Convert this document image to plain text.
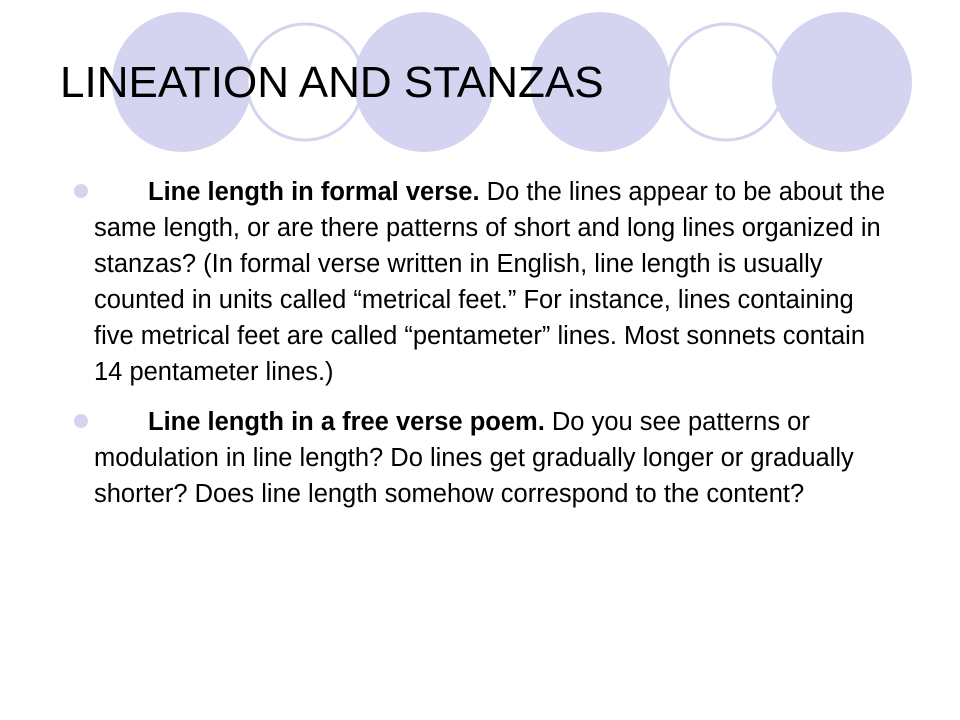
LINEATION AND STANZAS
Line length in formal verse. Do the lines appear to be about the same length, or are there patterns of short and long lines organized in stanzas? (In formal verse written in English, line length is usually counted in units called “metrical feet.” For instance, lines containing five metrical feet are called “pentameter” lines. Most sonnets contain 14 pentameter lines.)
Line length in a free verse poem. Do you see patterns or modulation in line length? Do lines get gradually longer or gradually shorter? Does line length somehow correspond to the content?
